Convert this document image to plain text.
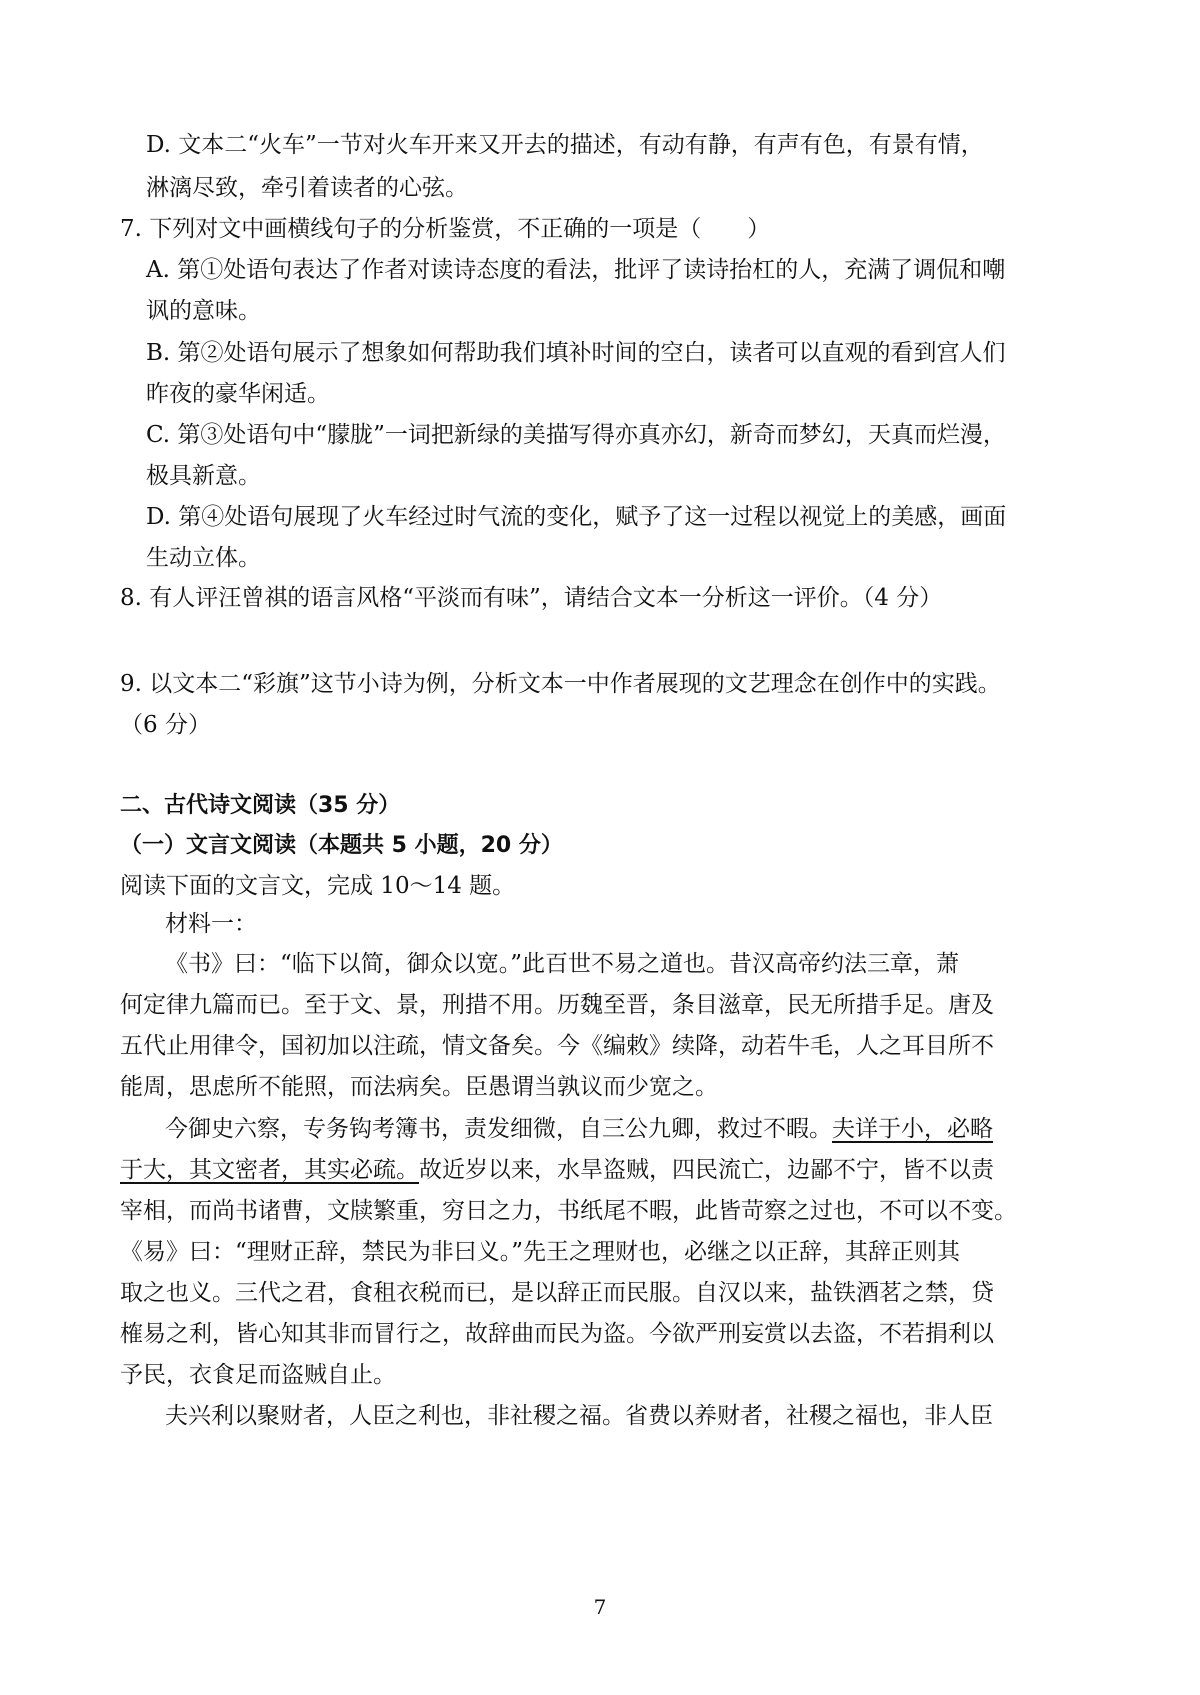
D. 文本二“火车”一节对火车开来又开去的描述，有动有静，有声有色，有景有情，
淋漓尽致，牵引着读者的心弦。
7. 下列对文中画横线句子的分析鉴赏，不正确的一项是（　　）
A. 第①处语句表达了作者对读诗态度的看法，批评了读诗抬杠的人，充满了调侃和嘲
讽的意味。
B. 第②处语句展示了想象如何帮助我们填补时间的空白，读者可以直观的看到宫人们
昨夜的豪华闲适。
C. 第③处语句中“朦胧”一词把新绿的美描写得亦真亦幻，新奇而梦幻，天真而烂漫，
极具新意。
D. 第④处语句展现了火车经过时气流的变化，赋予了这一过程以视觉上的美感，画面
生动立体。
8. 有人评汪曾祺的语言风格“平淡而有味”，请结合文本一分析这一评价。（4 分）
9. 以文本二“彩旗”这节小诗为例，分析文本一中作者展现的文艺理念在创作中的实践。
（6 分）
二、古代诗文阅读（35 分）
（一）文言文阅读（本题共 5 小题，20 分）
阅读下面的文言文，完成 10～14 题。
材料一：
《书》曰：“临下以简，御众以宽。”此百世不易之道也。昔汉高帝约法三章，萧
何定律九篇而已。至于文、景，刑措不用。历魏至晋，条目滋章，民无所措手足。唐及
五代止用律令，国初加以注疏，情文备矣。今《编敕》续降，动若牛毛，人之耳目所不
能周，思虑所不能照，而法病矣。臣愚谓当孰议而少宽之。
今御史六察，专务钩考簿书，责发细微，自三公九卿，救过不暇。夫详于小，必略
于大，其文密者，其实必疏。故近岁以来，水旱盗贼，四民流亡，边鄙不宁，皆不以责
宰相，而尚书诸曹，文牍繁重，穷日之力，书纸尾不暇，此皆苛察之过也，不可以不变。
《易》曰：“理财正辞，禁民为非曰义。”先王之理财也，必继之以正辞，其辞正则其
取之也义。三代之君，食租衣税而已，是以辞正而民服。自汉以来，盐铁酒茗之禁，贷
榷易之利，皆心知其非而冒行之，故辞曲而民为盗。今欲严刑妄赏以去盗，不若捐利以
予民，衣食足而盗贼自止。
夫兴利以聚财者，人臣之利也，非社稷之福。省费以养财者，社稷之福也，非人臣
7
